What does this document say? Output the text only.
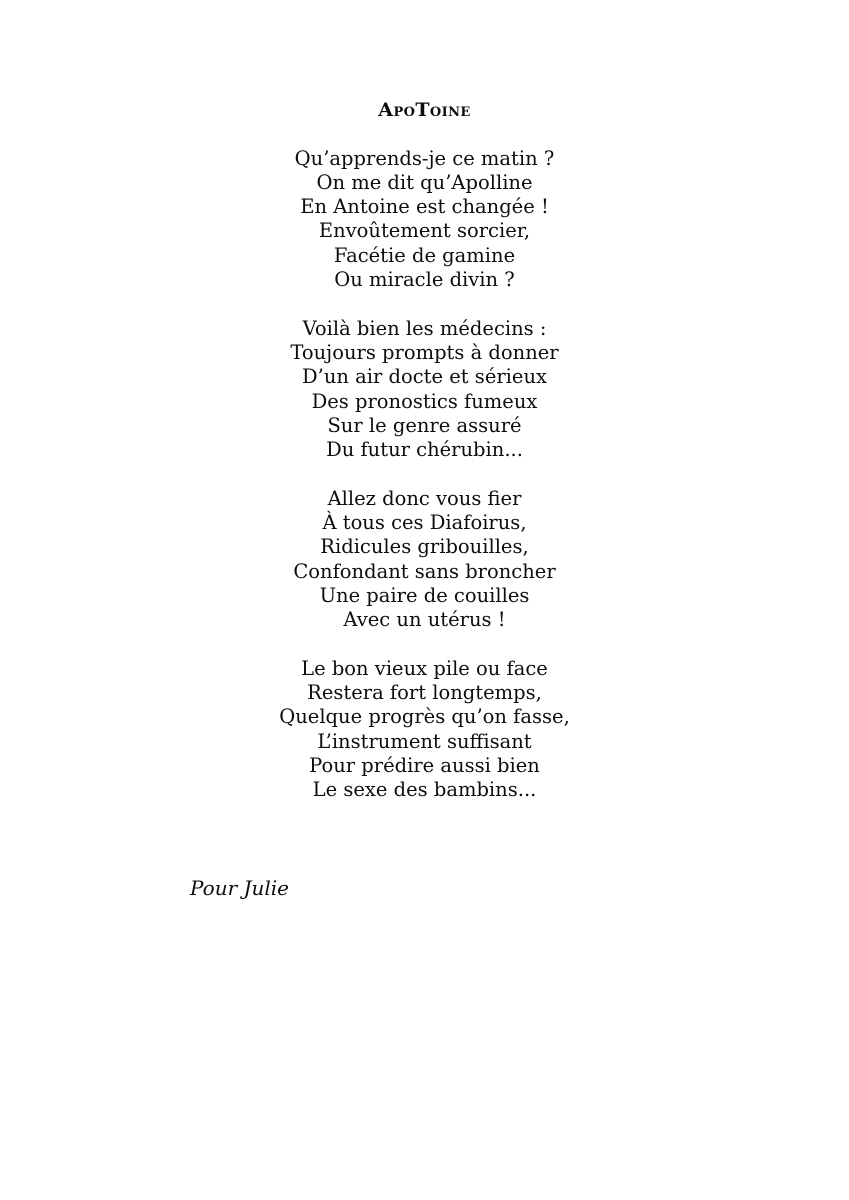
ApoToine
Qu’apprends-je ce matin ?
On me dit qu’Apolline
En Antoine est changée !
Envoûtement sorcier,
Facétie de gamine
Ou miracle divin ?
Voilà bien les médecins :
Toujours prompts à donner
D’un air docte et sérieux
Des pronostics fumeux
Sur le genre assuré
Du futur chérubin...
Allez donc vous fier
À tous ces Diafoirus,
Ridicules gribouilles,
Confondant sans broncher
Une paire de couilles
Avec un utérus !
Le bon vieux pile ou face
Restera fort longtemps,
Quelque progrès qu’on fasse,
L’instrument suffisant
Pour prédire aussi bien
Le sexe des bambins...
Pour Julie
